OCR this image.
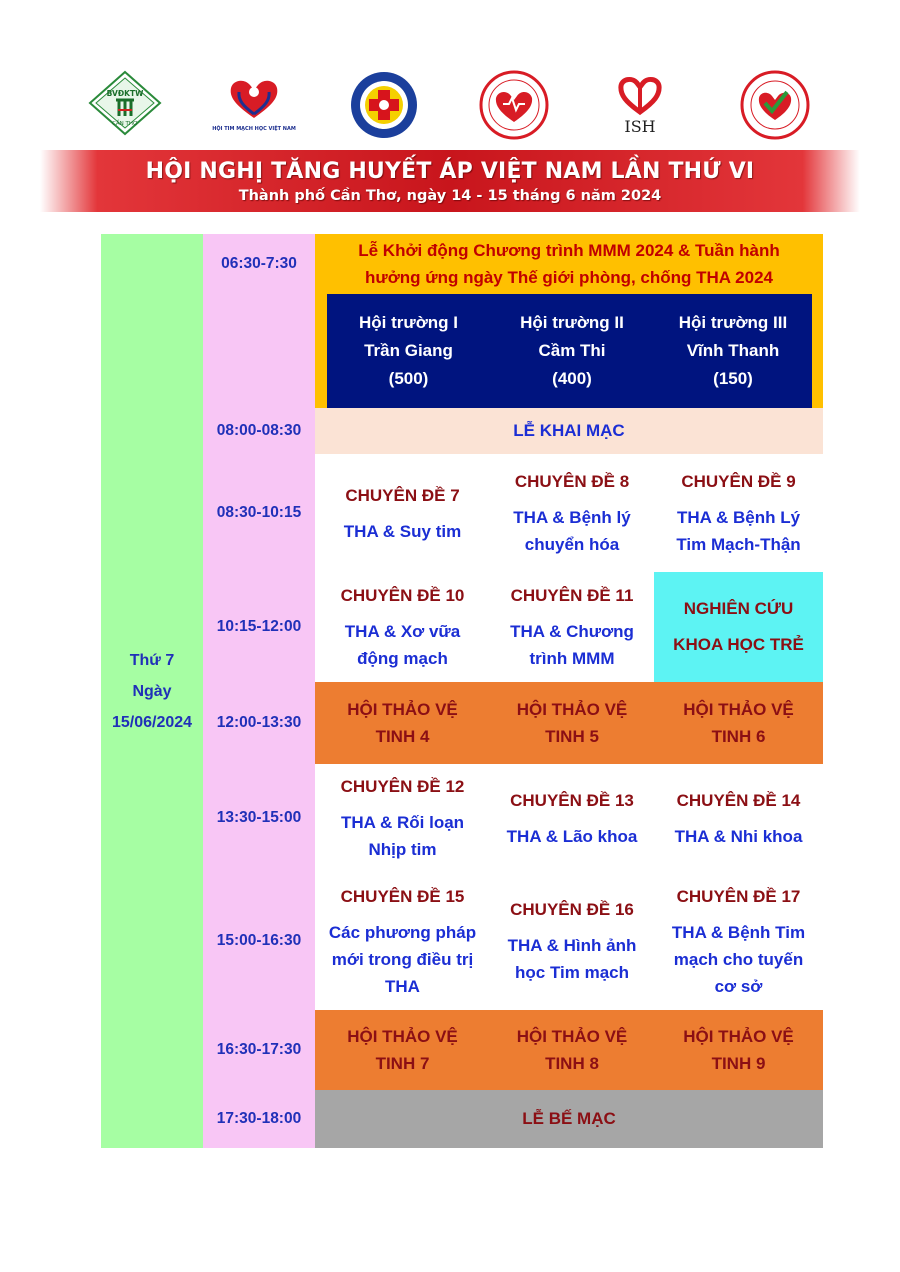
BVĐKTW
CẦN THƠ
HỘI TIM MẠCH HỌC VIỆT NAM	ISH
HỘI NGHỊ TĂNG HUYẾT ÁP VIỆT NAM LẦN THỨ VI
Thành phố Cần Thơ, ngày 14 - 15 tháng 6 năm 2024
Thứ 7
Ngày
15/06/2024
06:30-7:30
08:00-08:30
08:30-10:15
10:15-12:00
12:00-13:30
13:30-15:00
15:00-16:30
16:30-17:30
17:30-18:00
Lễ Khởi động Chương trình MMM 2024 & Tuần hành
hưởng ứng ngày Thế giới phòng, chống THA 2024
Hội trường I
Trần Giang
(500)
Hội trường II
Cầm Thi
(400)
Hội trường III
Vĩnh Thanh
(150)
LỄ KHAI MẠC
CHUYÊN ĐỀ 7
THA & Suy tim
CHUYÊN ĐỀ 8
THA & Bệnh lý
chuyển hóa
CHUYÊN ĐỀ 9
THA & Bệnh Lý
Tim Mạch-Thận
CHUYÊN ĐỀ 10
THA & Xơ vữa
động mạch
CHUYÊN ĐỀ 11
THA & Chương
trình MMM
NGHIÊN CỨU
KHOA HỌC TRẺ
HỘI THẢO VỆ
TINH 4
HỘI THẢO VỆ
TINH 5
HỘI THẢO VỆ
TINH 6
CHUYÊN ĐỀ 12
THA & Rối loạn
Nhịp tim
CHUYÊN ĐỀ 13
THA & Lão khoa
CHUYÊN ĐỀ 14
THA & Nhi khoa
CHUYÊN ĐỀ 15
Các phương pháp
mới trong điều trị
THA
CHUYÊN ĐỀ 16
THA & Hình ảnh
học Tim mạch
CHUYÊN ĐỀ 17
THA & Bệnh Tim
mạch cho tuyến
cơ sở
HỘI THẢO VỆ
TINH 7
HỘI THẢO VỆ
TINH 8
HỘI THẢO VỆ
TINH 9
LỄ BẾ MẠC
